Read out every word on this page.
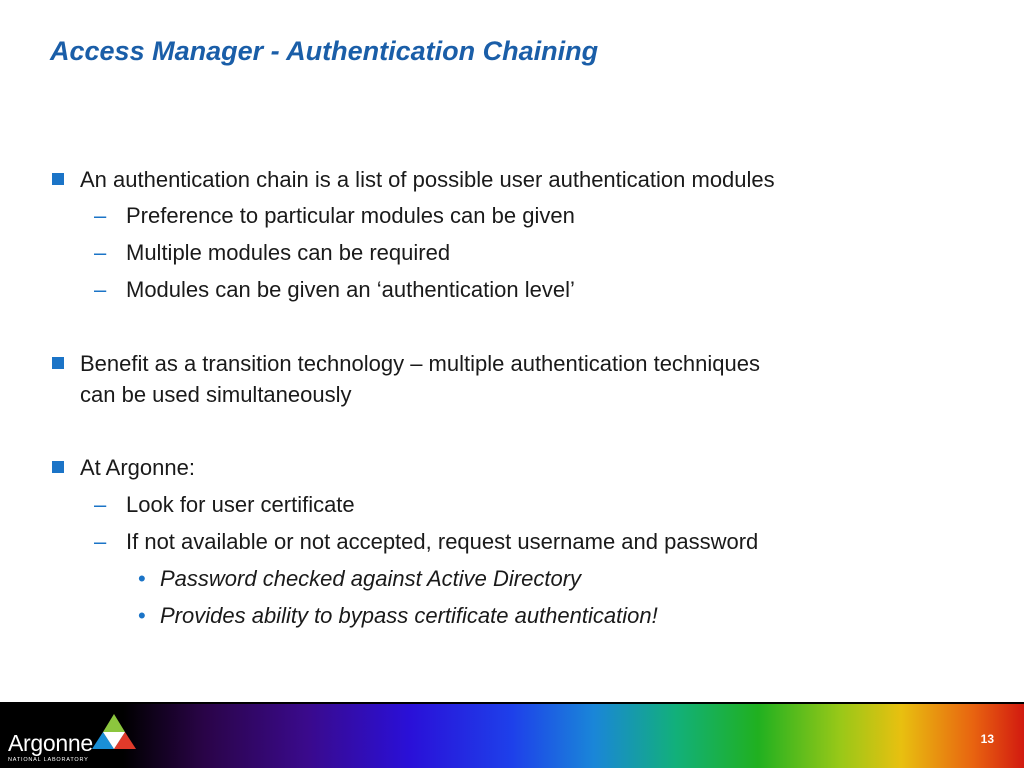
Access Manager - Authentication Chaining
An authentication chain is a list of possible user authentication modules
– Preference to particular modules can be given
– Multiple modules can be required
– Modules can be given an ‘authentication level’
Benefit as a transition technology – multiple authentication techniques
can be used simultaneously
At Argonne:
– Look for user certificate
– If not available or not accepted, request username and password
• Password checked against Active Directory
• Provides ability to bypass certificate authentication!
Argonne
NATIONAL LABORATORY
13
